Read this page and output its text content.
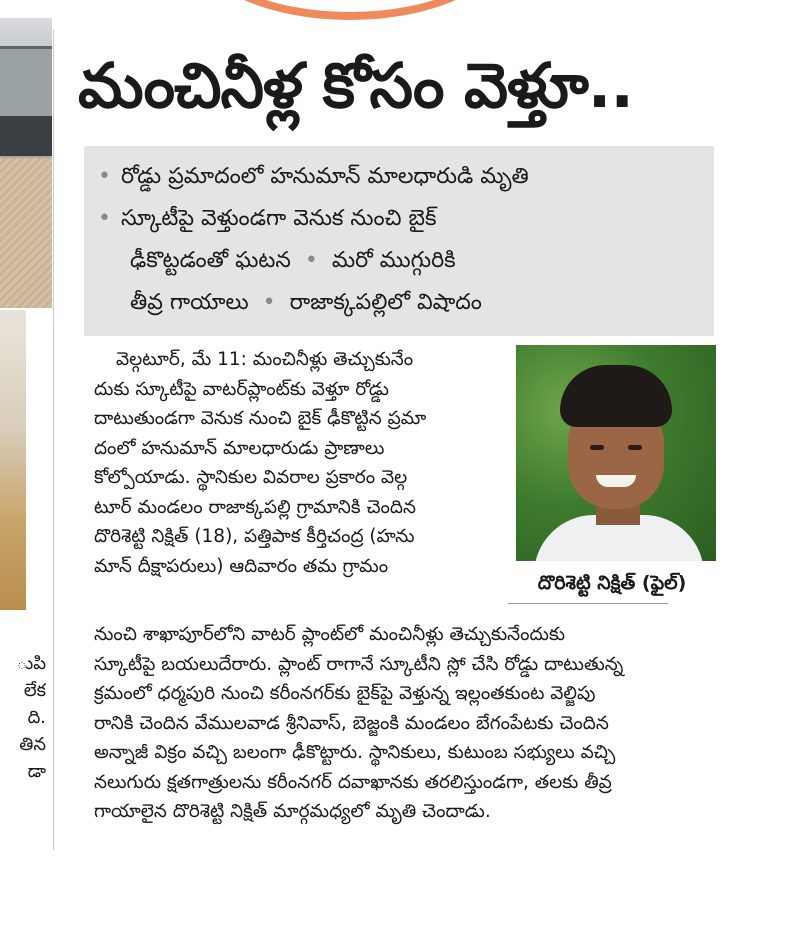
ుపి
లేక
ది.
తిన
డా
మంచినీళ్ల కోసం వెళ్తూ..
• రోడ్డు ప్రమాదంలో హనుమాన్ మాలధారుడి మృతి
• స్కూటీపై వెళ్తుండగా వెనుక నుంచి బైక్
ఢీకొట్టడంతో ఘటన • మరో ముగ్గురికి
తీవ్ర గాయాలు • రాజాక్కపల్లిలో విషాదం
వెల్గటూర్, మే 11: మంచినీళ్లు తెచ్చుకునేం
దుకు స్కూటీపై వాటర్‌ప్లాంట్‌కు వెళ్తూ రోడ్డు
దాటుతుండగా వెనుక నుంచి బైక్ ఢీకొట్టిన ప్రమా
దంలో హనుమాన్ మాలధారుడు ప్రాణాలు
కోల్పోయాడు. స్థానికుల వివరాల ప్రకారం వెల్గ
టూర్ మండలం రాజాక్కపల్లి గ్రామానికి చెందిన
దొరిశెట్టి నిక్షిత్ (18), పత్తిపాక కీర్తిచంద్ర (హను
మాన్ దీక్షాపరులు) ఆదివారం తమ గ్రామం
దొరిశెట్టి నిక్షిత్ (ఫైల్)
నుంచి శాఖాపూర్‌లోని వాటర్ ప్లాంట్‌లో మంచినీళ్లు తెచ్చుకునేందుకు
స్కూటీపై బయలుదేరారు. ప్లాంట్ రాగానే స్కూటీని స్లో చేసి రోడ్డు దాటుతున్న
క్రమంలో ధర్మపురి నుంచి కరీంనగర్‌కు బైక్‌పై వెళ్తున్న ఇల్లంతకుంట వెల్జిపు
రానికి చెందిన వేములవాడ శ్రీనివాస్, బెజ్జంకి మండలం బేగంపేటకు చెందిన
అన్నాజీ విక్రం వచ్చి బలంగా ఢీకొట్టారు. స్థానికులు, కుటుంబ సభ్యులు వచ్చి
నలుగురు క్షతగాత్రులను కరీంనగర్ దవాఖానకు తరలిస్తుండగా, తలకు తీవ్ర
గాయాలైన దొరిశెట్టి నిక్షిత్ మార్గమధ్యలో మృతి చెందాడు.
